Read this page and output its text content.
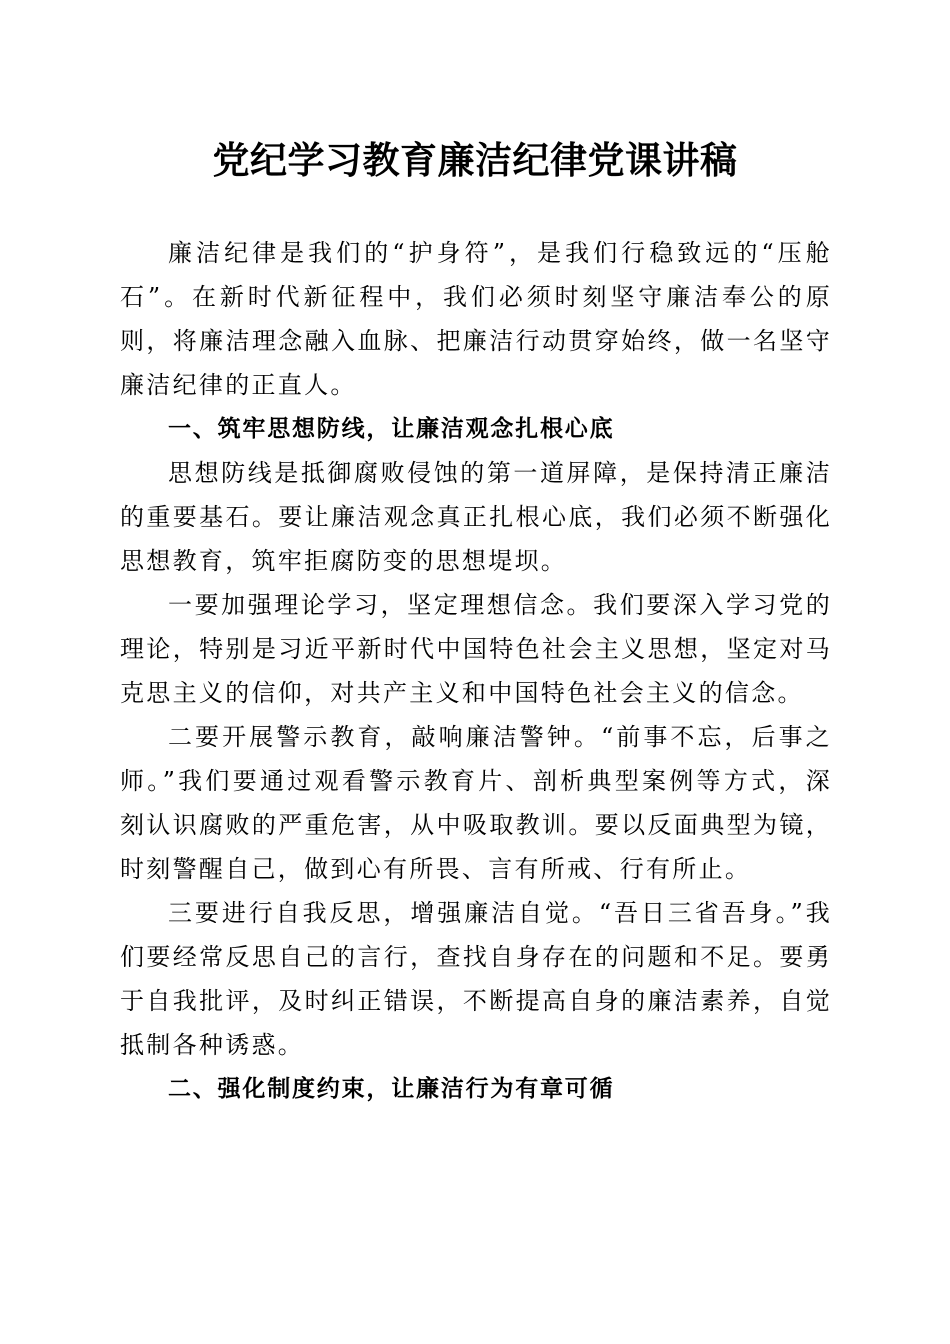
党纪学习教育廉洁纪律党课讲稿

廉洁纪律是我们的“护身符”，是我们行稳致远的“压舱石”。在新时代新征程中，我们必须时刻坚守廉洁奉公的原则，将廉洁理念融入血脉、把廉洁行动贯穿始终，做一名坚守廉洁纪律的正直人。

一、筑牢思想防线，让廉洁观念扎根心底

思想防线是抵御腐败侵蚀的第一道屏障，是保持清正廉洁的重要基石。要让廉洁观念真正扎根心底，我们必须不断强化思想教育，筑牢拒腐防变的思想堤坝。

一要加强理论学习，坚定理想信念。我们要深入学习党的理论，特别是习近平新时代中国特色社会主义思想，坚定对马克思主义的信仰，对共产主义和中国特色社会主义的信念。

二要开展警示教育，敲响廉洁警钟。“前事不忘，后事之师。”我们要通过观看警示教育片、剖析典型案例等方式，深刻认识腐败的严重危害，从中吸取教训。要以反面典型为镜，时刻警醒自己，做到心有所畏、言有所戒、行有所止。

三要进行自我反思，增强廉洁自觉。“吾日三省吾身。”我们要经常反思自己的言行，查找自身存在的问题和不足。要勇于自我批评，及时纠正错误，不断提高自身的廉洁素养，自觉抵制各种诱惑。

二、强化制度约束，让廉洁行为有章可循
